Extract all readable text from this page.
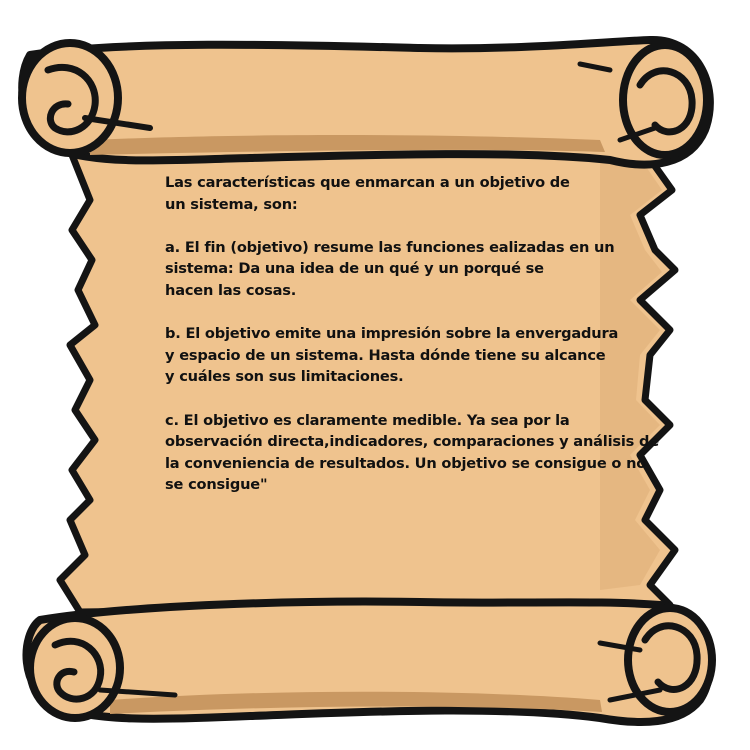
Las características que enmarcan a un objetivo de
un sistema, son:
a. El fin (objetivo) resume las funciones ealizadas en un
sistema: Da una idea de un qué y un porqué se
hacen las cosas.
b. El objetivo emite una impresión sobre la envergadura
y espacio de un sistema. Hasta dónde tiene su alcance
y cuáles son sus limitaciones.
c. El objetivo es claramente medible. Ya sea por la
observación directa,indicadores, comparaciones y análisis de
la conveniencia de resultados. Un objetivo se consigue o no
se consigue"
